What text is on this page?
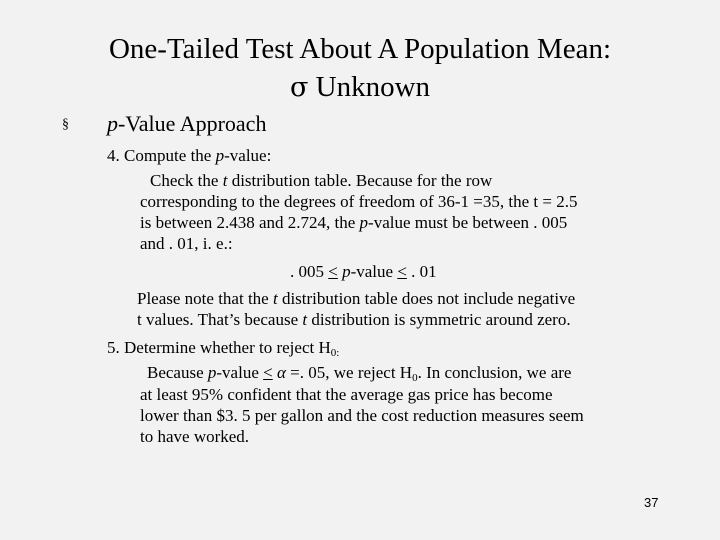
One-Tailed Test About A Population Mean:
σ Unknown
§ p-Value Approach
4. Compute the p-value:
Check the t distribution table. Because for the row
corresponding to the degrees of freedom of 36-1 =35, the t = 2.5
is between 2.438 and 2.724, the p-value must be between . 005
and . 01, i. e.:
. 005 < p-value < . 01
Please note that the t distribution table does not include negative
t values. That’s because t distribution is symmetric around zero.
5. Determine whether to reject $H_{0:}$
Because p-value ≤ α =. 05, we reject $H_0$. In conclusion, we are
at least 95% confident that the average gas price has become
lower than $3. 5 per gallon and the cost reduction measures seem
to have worked.
37
